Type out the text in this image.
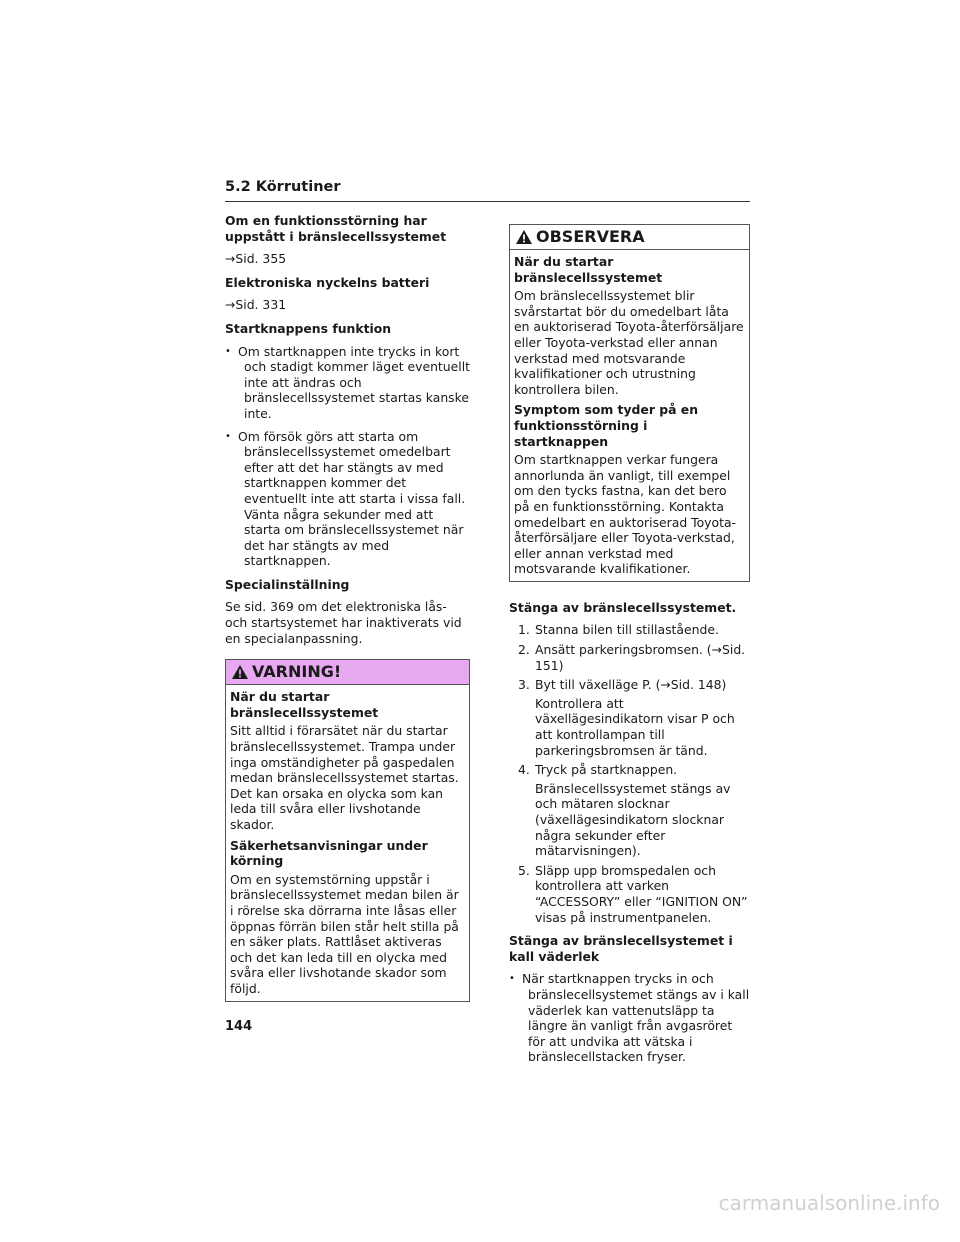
5.2 Körrutiner

Om en funktionsstörning har uppstått i bränslecellssystemet

→Sid. 355

Elektroniska nyckelns batteri

→Sid. 331

Startknappens funktion

• Om startknappen inte trycks in kort och stadigt kommer läget eventuellt inte att ändras och bränslecellssystemet startas kanske inte.
• Om försök görs att starta om bränslecellssystemet omedelbart efter att det har stängts av med startknappen kommer det eventuellt inte att starta i vissa fall. Vänta några sekunder med att starta om bränslecellssystemet när det har stängts av med startknappen.

Specialinställning

Se sid. 369 om det elektroniska lås- och startsystemet har inaktiverats vid en specialanpassning.

VARNING!

När du startar bränslecellssystemet

Sitt alltid i förarsätet när du startar bränslecellssystemet. Trampa under inga omständigheter på gaspedalen medan bränslecellssystemet startas. Det kan orsaka en olycka som kan leda till svåra eller livshotande skador.

Säkerhetsanvisningar under körning

Om en systemstörning uppstår i bränslecellssystemet medan bilen är i rörelse ska dörrarna inte låsas eller öppnas förrän bilen står helt stilla på en säker plats. Rattlåset aktiveras och det kan leda till en olycka med svåra eller livshotande skador som följd.

OBSERVERA

När du startar bränslecellssystemet

Om bränslecellssystemet blir svårstartat bör du omedelbart låta en auktoriserad Toyota-återförsäljare eller Toyota-verkstad eller annan verkstad med motsvarande kvalifikationer och utrustning kontrollera bilen.

Symptom som tyder på en funktionsstörning i startknappen

Om startknappen verkar fungera annorlunda än vanligt, till exempel om den tycks fastna, kan det bero på en funktionsstörning. Kontakta omedelbart en auktoriserad Toyota-återförsäljare eller Toyota-verkstad, eller annan verkstad med motsvarande kvalifikationer.

Stänga av bränslecellssystemet.

1. Stanna bilen till stillastående.
2. Ansätt parkeringsbromsen. (→Sid. 151)
3. Byt till växelläge P. (→Sid. 148)
Kontrollera att växellägesindikatorn visar P och att kontrollampan till parkeringsbromsen är tänd.
4. Tryck på startknappen.
Bränslecellssystemet stängs av och mätaren slocknar (växellägesindikatorn slocknar några sekunder efter mätarvisningen).
5. Släpp upp bromspedalen och kontrollera att varken “ACCESSORY” eller “IGNITION ON” visas på instrumentpanelen.

Stänga av bränslecellsystemet i kall väderlek

• När startknappen trycks in och bränslecellsystemet stängs av i kall väderlek kan vattenutsläpp ta längre än vanligt från avgasröret för att undvika att vätska i bränslecellstacken fryser.
144
carmanualsonline.info
